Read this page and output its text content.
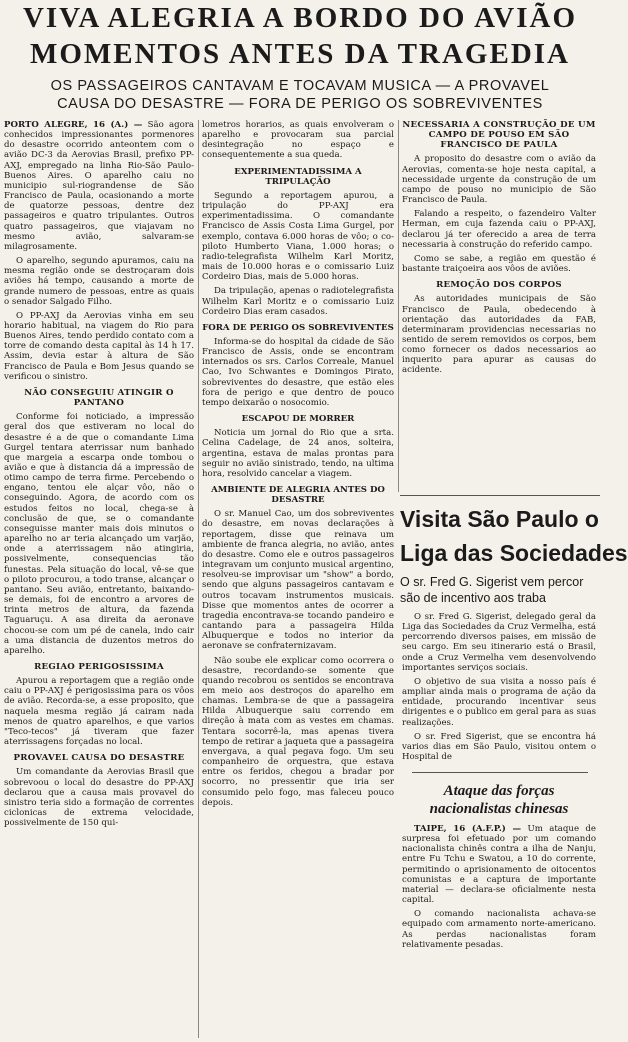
VIVA ALEGRIA A BORDO DO AVIÃO
MOMENTOS ANTES DA TRAGEDIA
OS PASSAGEIROS CANTAVAM E TOCAVAM MUSICA — A PROVAVEL
CAUSA DO DESASTRE — FORA DE PERIGO OS SOBREVIVENTES

PORTO ALEGRE, 16 (A.) — São agora conhecidos impressionantes pormenores do desastre ocorrido anteontem com o avião DC-3 da Aerovias Brasil, prefixo PP-AXJ, empregado na linha Rio-São Paulo-Buenos Aires. O aparelho caiu no municipio sul-riograndense de São Francisco de Paula, ocasionando a morte de quatorze pessoas, dentre dez passageiros e quatro tripulantes. Outros quatro passageiros, que viajavam no mesmo avião, salvaram-se milagrosamente.

O aparelho, segundo apuramos, caiu na mesma região onde se destroçaram dois aviões há tempo, causando a morte de grande numero de pessoas, entre as quais o senador Salgado Filho.

O PP-AXJ da Aerovias vinha em seu horario habitual, na viagem do Rio para Buenos Aires, tendo perdido contato com a torre de comando desta capital às 14 h 17. Assim, devia estar à altura de São Francisco de Paula e Bom Jesus quando se verificou o sinistro.

NÃO CONSEGUIU ATINGIR O PANTANO

Conforme foi noticiado, a impressão geral dos que estiveram no local do desastre é a de que o comandante Lima Gurgel tentara aterrissar num banhado que margeia a escarpa onde tombou o avião e que à distancia dá a impressão de otimo campo de terra firme. Percebendo o engano, tentou ele alçar vôo, não o conseguindo. Agora, de acordo com os estudos feitos no local, chega-se à conclusão de que, se o comandante conseguisse manter mais dois minutos o aparelho no ar teria alcançado um varjão, onde a aterrissagem não atingiria, possivelmente, consequencias tão funestas. Pela situação do local, vê-se que o piloto procurou, a todo transe, alcançar o pantano. Seu avião, entretanto, baixando-se demais, foi de encontro a arvores de trinta metros de altura, da fazenda Taguaruçu. A asa direita da aeronave chocou-se com um pé de canela, indo cair a uma distancia de duzentos metros do aparelho.

REGIAO PERIGOSISSIMA

Apurou a reportagem que a região onde caiu o PP-AXJ é perigosissima para os vôos de avião. Recorda-se, a esse proposito, que naquela mesma região já cairam nada menos de quatro aparelhos, e que varios "Teco-tecos" já tiveram que fazer aterrissagens forçadas no local.

PROVAVEL CAUSA DO DESASTRE

Um comandante da Aerovias Brasil que sobrevoou o local do desastre do PP-AXJ declarou que a causa mais provavel do sinistro teria sido a formação de correntes ciclonicas de extrema velocidade, possivelmente de 150 qui-

lometros horarios, as quais envolveram o aparelho e provocaram sua parcial desintegração no espaço e consequentemente a sua queda.

EXPERIMENTADISSIMA A TRIPULAÇÃO

Segundo a reportagem apurou, a tripulação do PP-AXJ era experimentadissima. O comandante Francisco de Assis Costa Lima Gurgel, por exemplo, contava 6.000 horas de vôo; o co-piloto Humberto Viana, 1.000 horas; o radio-telegrafista Wilhelm Karl Moritz, mais de 10.000 horas e o comissario Luiz Cordeiro Dias, mais de 5.000 horas.

Da tripulação, apenas o radiotelegrafista Wilhelm Karl Moritz e o comissario Luiz Cordeiro Dias eram casados.

FORA DE PERIGO OS SOBREVIVENTES

Informa-se do hospital da cidade de São Francisco de Assis, onde se encontram internados os srs. Carlos Correale, Manuel Cao, Ivo Schwantes e Domingos Pirato, sobreviventes do desastre, que estão eles fora de perigo e que dentro de pouco tempo deixarão o nosocomio.

ESCAPOU DE MORRER

Noticia um jornal do Rio que a srta. Celina Cadelage, de 24 anos, solteira, argentina, estava de malas prontas para seguir no avião sinistrado, tendo, na ultima hora, resolvido cancelar a viagem.

AMBIENTE DE ALEGRIA ANTES DO DESASTRE

O sr. Manuel Cao, um dos sobreviventes do desastre, em novas declarações à reportagem, disse que reinava um ambiente de franca alegria, no avião, antes do desastre. Como ele e outros passageiros integravam um conjunto musical argentino, resolveu-se improvisar um "show" a bordo, sendo que alguns passageiros cantavam e outros tocavam instrumentos musicais. Disse que momentos antes de ocorrer a tragedia encontrava-se tocando pandeiro e cantando para a passageira Hilda Albuquerque e todos no interior da aeronave se confraternizavam.

Não soube ele explicar como ocorrera o desastre, recordando-se somente que quando recobrou os sentidos se encontrava em meio aos destroços do aparelho em chamas. Lembra-se de que a passageira Hilda Albuquerque saiu correndo em direção à mata com as vestes em chamas. Tentara socorrê-la, mas apenas tivera tempo de retirar a jaqueta que a passageira envergava, a qual pegava fogo. Um seu companheiro de orquestra, que estava entre os feridos, chegou a bradar por socorro, no pressentir que iria ser consumido pelo fogo, mas faleceu pouco depois.

NECESSARIA A CONSTRUÇÃO DE UM CAMPO DE POUSO EM SÃO FRANCISCO DE PAULA

A proposito do desastre com o avião da Aerovias, comenta-se hoje nesta capital, a necessidade urgente da construção de um campo de pouso no municipio de São Francisco de Paula.

Falando a respeito, o fazendeiro Valter Herman, em cuja fazenda caiu o PP-AXJ, declarou já ter oferecido a area de terra necessaria à construção do referido campo.

Como se sabe, a região em questão é bastante traiçoeira aos vôos de aviões.

REMOÇÃO DOS CORPOS

As autoridades municipais de São Francisco de Paula, obedecendo à orientação das autoridades da FAB, determinaram providencias necessarias no sentido de serem removidos os corpos, bem como fornecer os dados necessarios ao inquerito para apurar as causas do acidente.

Visita São Paulo o
Liga das Sociedades
O sr. Fred G. Sigerist vem percor
são de incentivo aos traba

O sr. Fred G. Sigerist, delegado geral da Liga das Sociedades da Cruz Vermelha, está percorrendo diversos paises, em missão de seu cargo. Em seu itinerario está o Brasil, onde a Cruz Vermelha vem desenvolvendo importantes serviços sociais.

O objetivo de sua visita a nosso país é ampliar ainda mais o programa de ação da entidade, procurando incentivar seus dirigentes e o publico em geral para as suas realizações.

O sr. Fred Sigerist, que se encontra há varios dias em São Paulo, visitou ontem o Hospital de

Ataque das forças nacionalistas chinesas

TAIPE, 16 (A.F.P.) — Um ataque de surpresa foi efetuado por um comando nacionalista chinês contra a ilha de Nanju, entre Fu Tchu e Swatou, a 10 do corrente, permitindo o aprisionamento de oitocentos comunistas e a captura de importante material — declara-se oficialmente nesta capital.

O comando nacionalista achava-se equipado com armamento norte-americano. As perdas nacionalistas foram relativamente pesadas.
